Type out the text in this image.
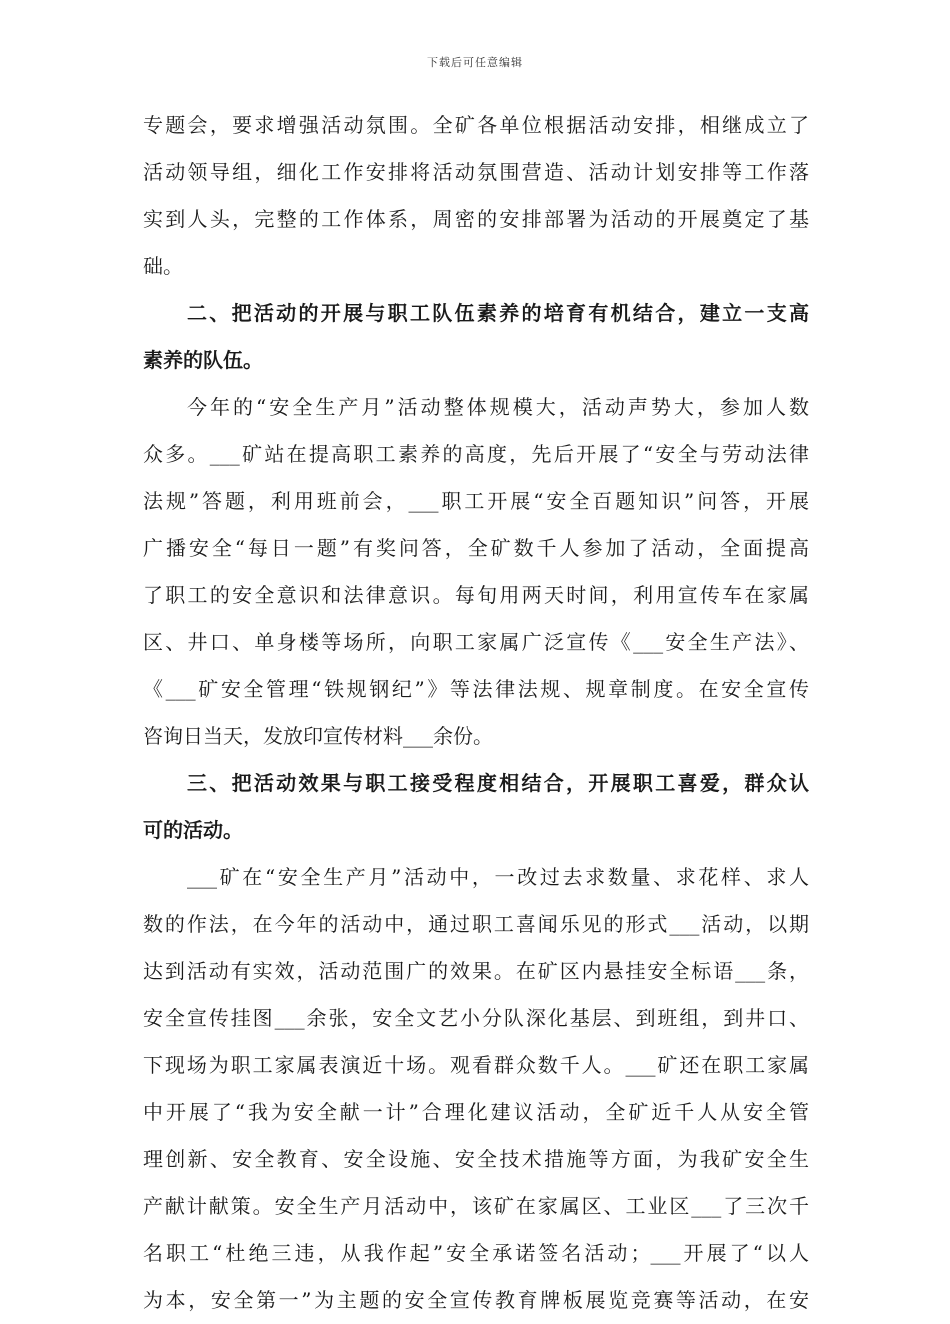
下载后可任意编辑
专题会，要求增强活动氛围。全矿各单位根据活动安排，相继成立了
活动领导组，细化工作安排将活动氛围营造、活动计划安排等工作落
实到人头，完整的工作体系，周密的安排部署为活动的开展奠定了基
础。
二、把活动的开展与职工队伍素养的培育有机结合，建立一支高
素养的队伍。
今年的“安全生产月”活动整体规模大，活动声势大，参加人数
众多。___矿站在提高职工素养的高度，先后开展了“安全与劳动法律
法规”答题，利用班前会，___职工开展“安全百题知识”问答，开展
广播安全“每日一题”有奖问答，全矿数千人参加了活动，全面提高
了职工的安全意识和法律意识。每旬用两天时间，利用宣传车在家属
区、井口、单身楼等场所，向职工家属广泛宣传《___安全生产法》、
《___矿安全管理“铁规钢纪”》等法律法规、规章制度。在安全宣传
咨询日当天，发放印宣传材料___余份。
三、把活动效果与职工接受程度相结合，开展职工喜爱，群众认
可的活动。
___矿在“安全生产月”活动中，一改过去求数量、求花样、求人
数的作法，在今年的活动中，通过职工喜闻乐见的形式___活动，以期
达到活动有实效，活动范围广的效果。在矿区内悬挂安全标语___条，
安全宣传挂图___余张，安全文艺小分队深化基层、到班组，到井口、
下现场为职工家属表演近十场。观看群众数千人。___矿还在职工家属
中开展了“我为安全献一计”合理化建议活动，全矿近千人从安全管
理创新、安全教育、安全设施、安全技术措施等方面，为我矿安全生
产献计献策。安全生产月活动中，该矿在家属区、工业区___了三次千
名职工“杜绝三违，从我作起”安全承诺签名活动；___开展了“以人
为本，安全第一”为主题的安全宣传教育牌板展览竞赛等活动，在安
